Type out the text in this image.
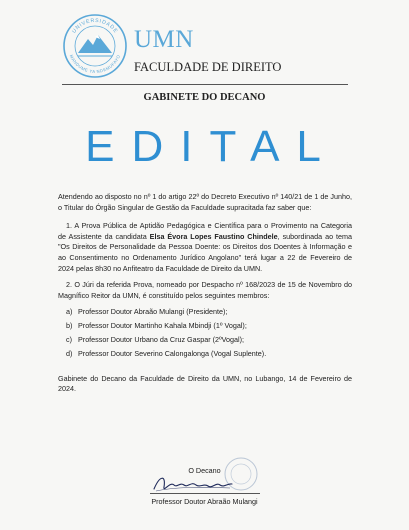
UNIVERSIDADE
MANDUME YA NDEMUFAYO
UMN
FACULDADE DE DIREITO
GABINETE DO DECANO
EDITAL

Atendendo ao disposto no nº 1 do artigo 22º do Decreto Executivo nº 140/21 de 1 de Junho, o Titular do Órgão Singular de Gestão da Faculdade supracitada faz saber que:

1. A Prova Pública de Aptidão Pedagógica e Científica para o Provimento na Categoria de Assistente da candidata Elsa Évora Lopes Faustino Chindele, subordinada ao tema "Os Direitos de Personalidade da Pessoa Doente: os Direitos dos Doentes à Informação e ao Consentimento no Ordenamento Jurídico Angolano" terá lugar a 22 de Fevereiro de 2024 pelas 8h30 no Anfiteatro da Faculdade de Direito da UMN.

2. O Júri da referida Prova, nomeado por Despacho nº 168/2023 de 15 de Novembro do Magnífico Reitor da UMN, é constituído pelos seguintes membros:

a) Professor Doutor Abraão Mulangi (Presidente);
b) Professor Doutor Martinho Kahala Mbindji (1º Vogal);
c) Professor Doutor Urbano da Cruz Gaspar (2ºVogal);
d) Professor Doutor Severino Calongalonga (Vogal Suplente).

Gabinete do Decano da Faculdade de Direito da UMN, no Lubango, 14 de Fevereiro de 2024.

O Decano
Professor Doutor Abraão Mulangi
